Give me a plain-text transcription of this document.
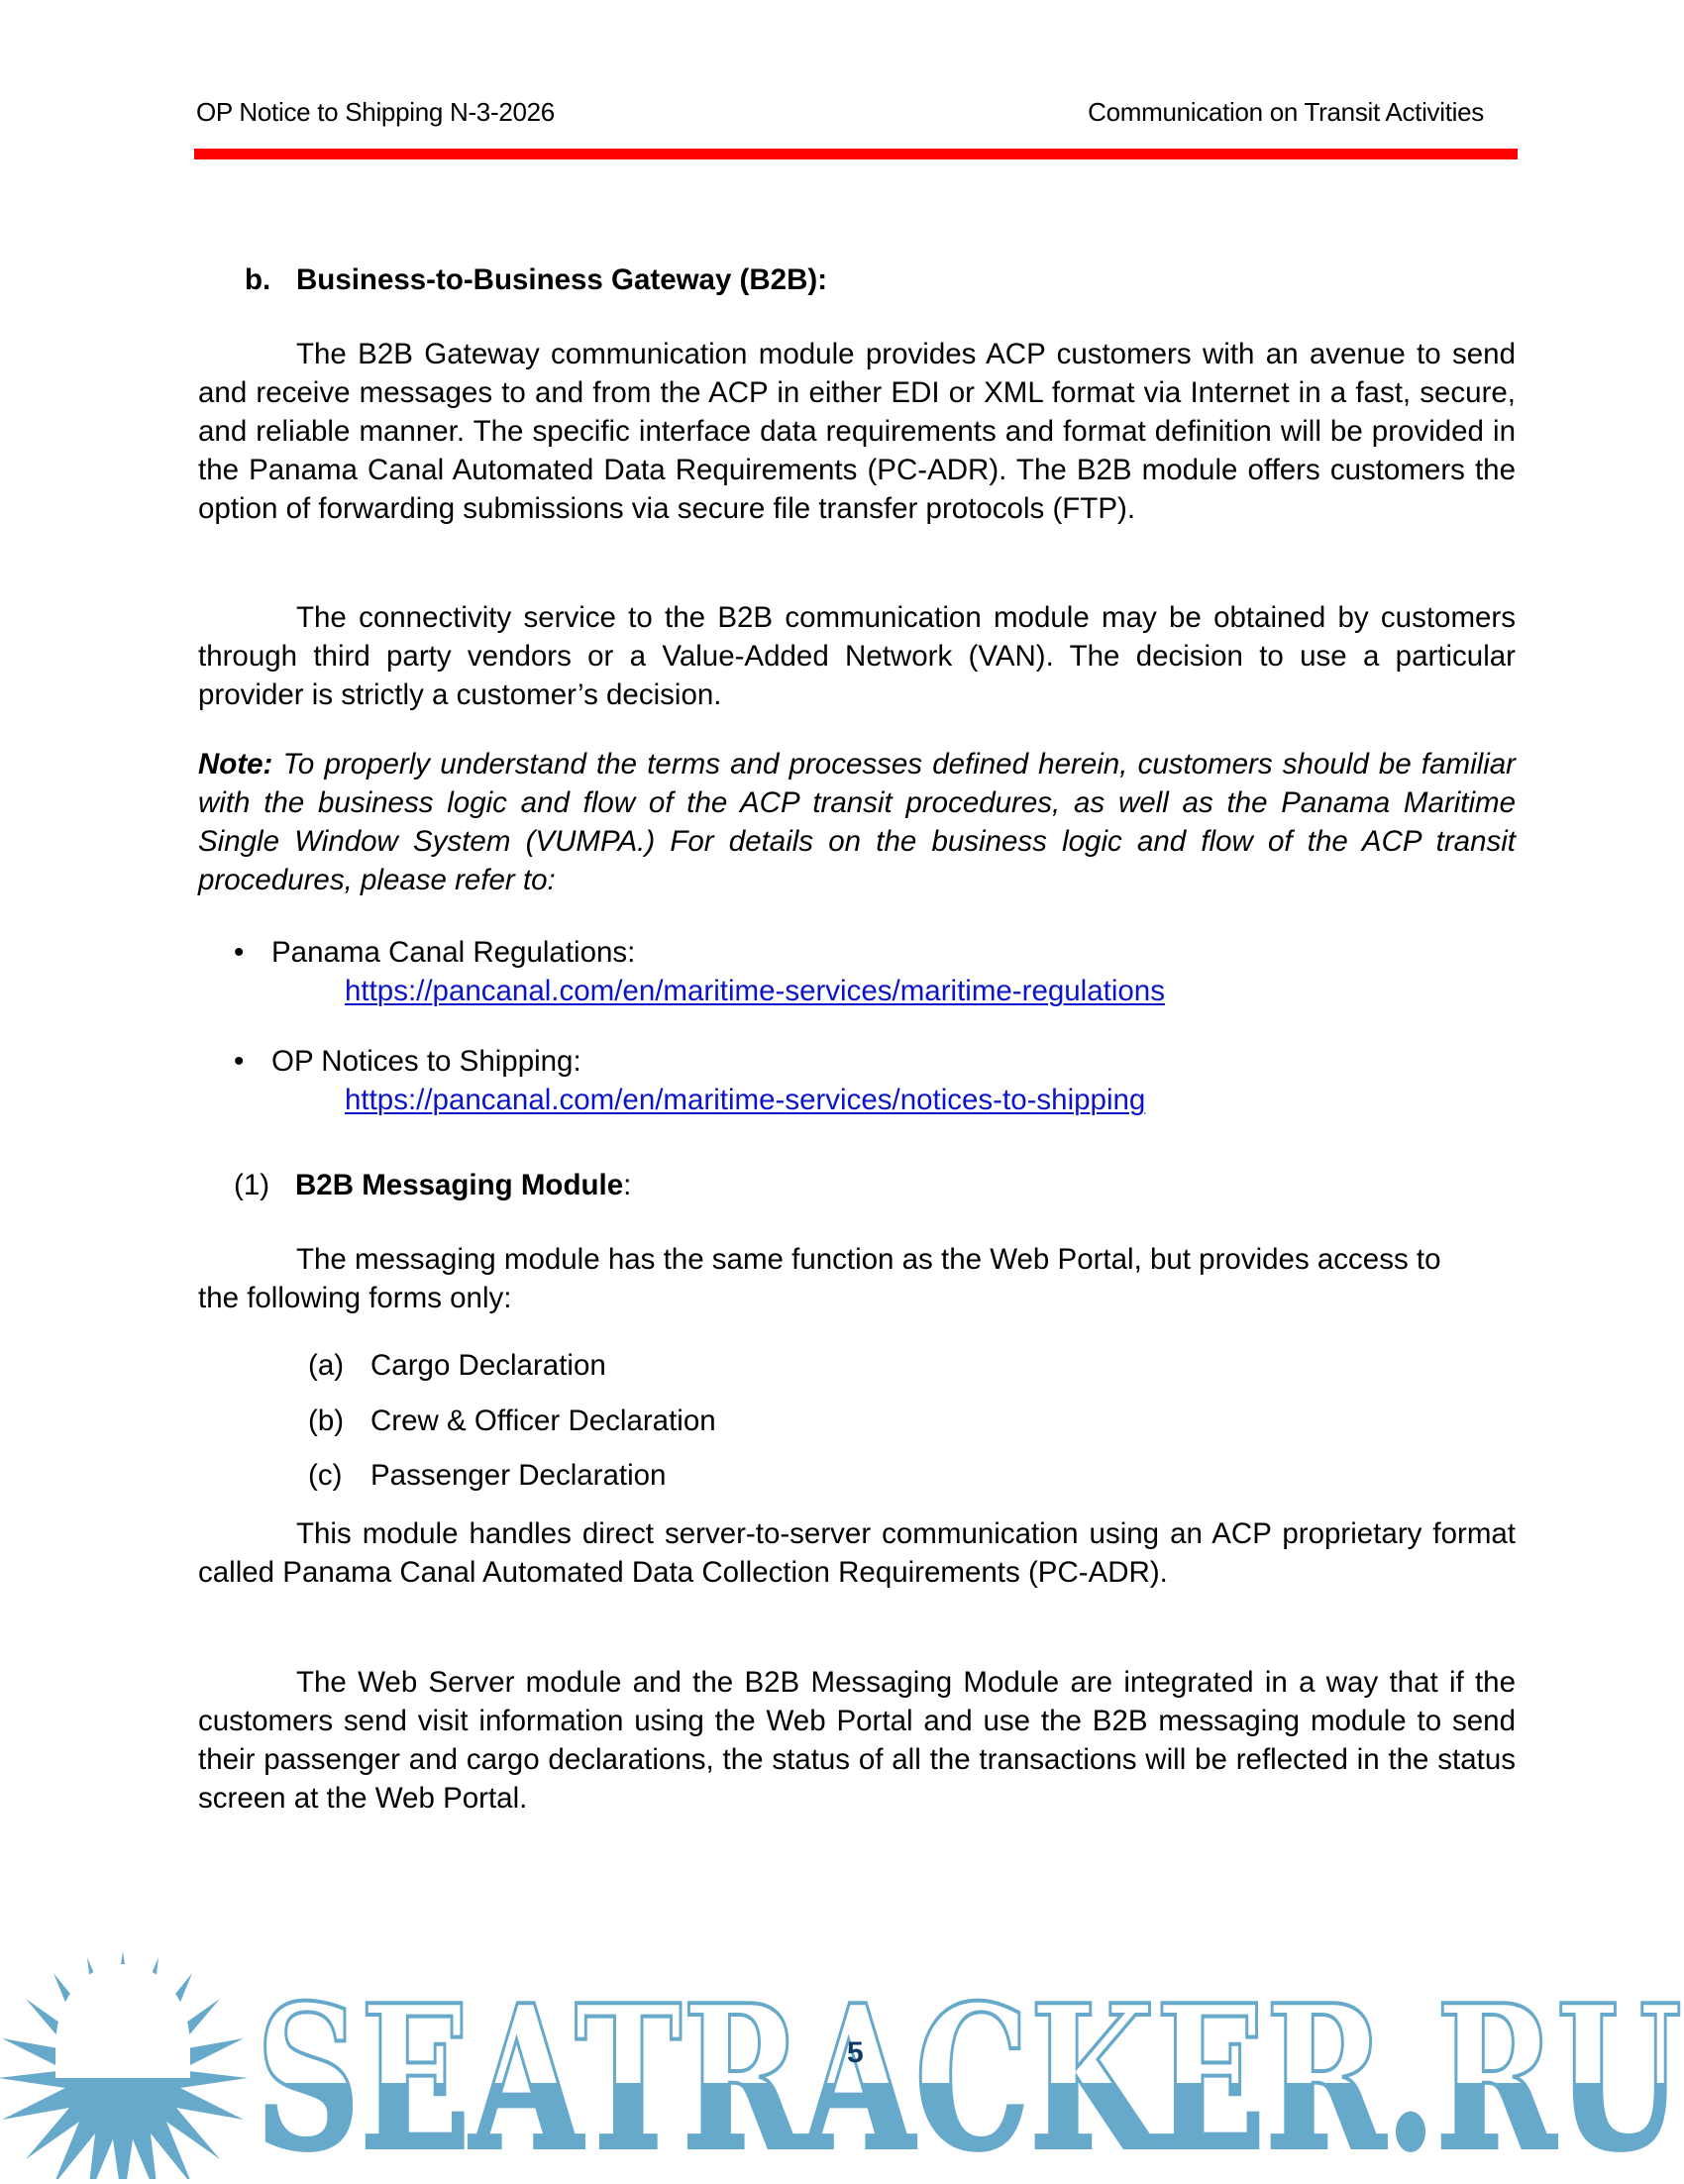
OP Notice to Shipping N-3-2026	Communication on Transit Activities
b. Business-to-Business Gateway (B2B):
The B2B Gateway communication module provides ACP customers with an avenue to send and receive messages to and from the ACP in either EDI or XML format via Internet in a fast, secure, and reliable manner. The specific interface data requirements and format definition will be provided in the Panama Canal Automated Data Requirements (PC-ADR). The B2B module offers customers the option of forwarding submissions via secure file transfer protocols (FTP).
The connectivity service to the B2B communication module may be obtained by customers through third party vendors or a Value-Added Network (VAN). The decision to use a particular provider is strictly a customer’s decision.
Note: To properly understand the terms and processes defined herein, customers should be familiar with the business logic and flow of the ACP transit procedures, as well as the Panama Maritime Single Window System (VUMPA.) For details on the business logic and flow of the ACP transit procedures, please refer to:
• Panama Canal Regulations:
https://pancanal.com/en/maritime-services/maritime-regulations
• OP Notices to Shipping:
https://pancanal.com/en/maritime-services/notices-to-shipping
(1) B2B Messaging Module:
The messaging module has the same function as the Web Portal, but provides access to the following forms only:
(a) Cargo Declaration
(b) Crew & Officer Declaration
(c) Passenger Declaration
This module handles direct server-to-server communication using an ACP proprietary format called Panama Canal Automated Data Collection Requirements (PC-ADR).
The Web Server module and the B2B Messaging Module are integrated in a way that if the customers send visit information using the Web Portal and use the B2B messaging module to send their passenger and cargo declarations, the status of all the transactions will be reflected in the status screen at the Web Portal.
SEATRACKER.RU
5
